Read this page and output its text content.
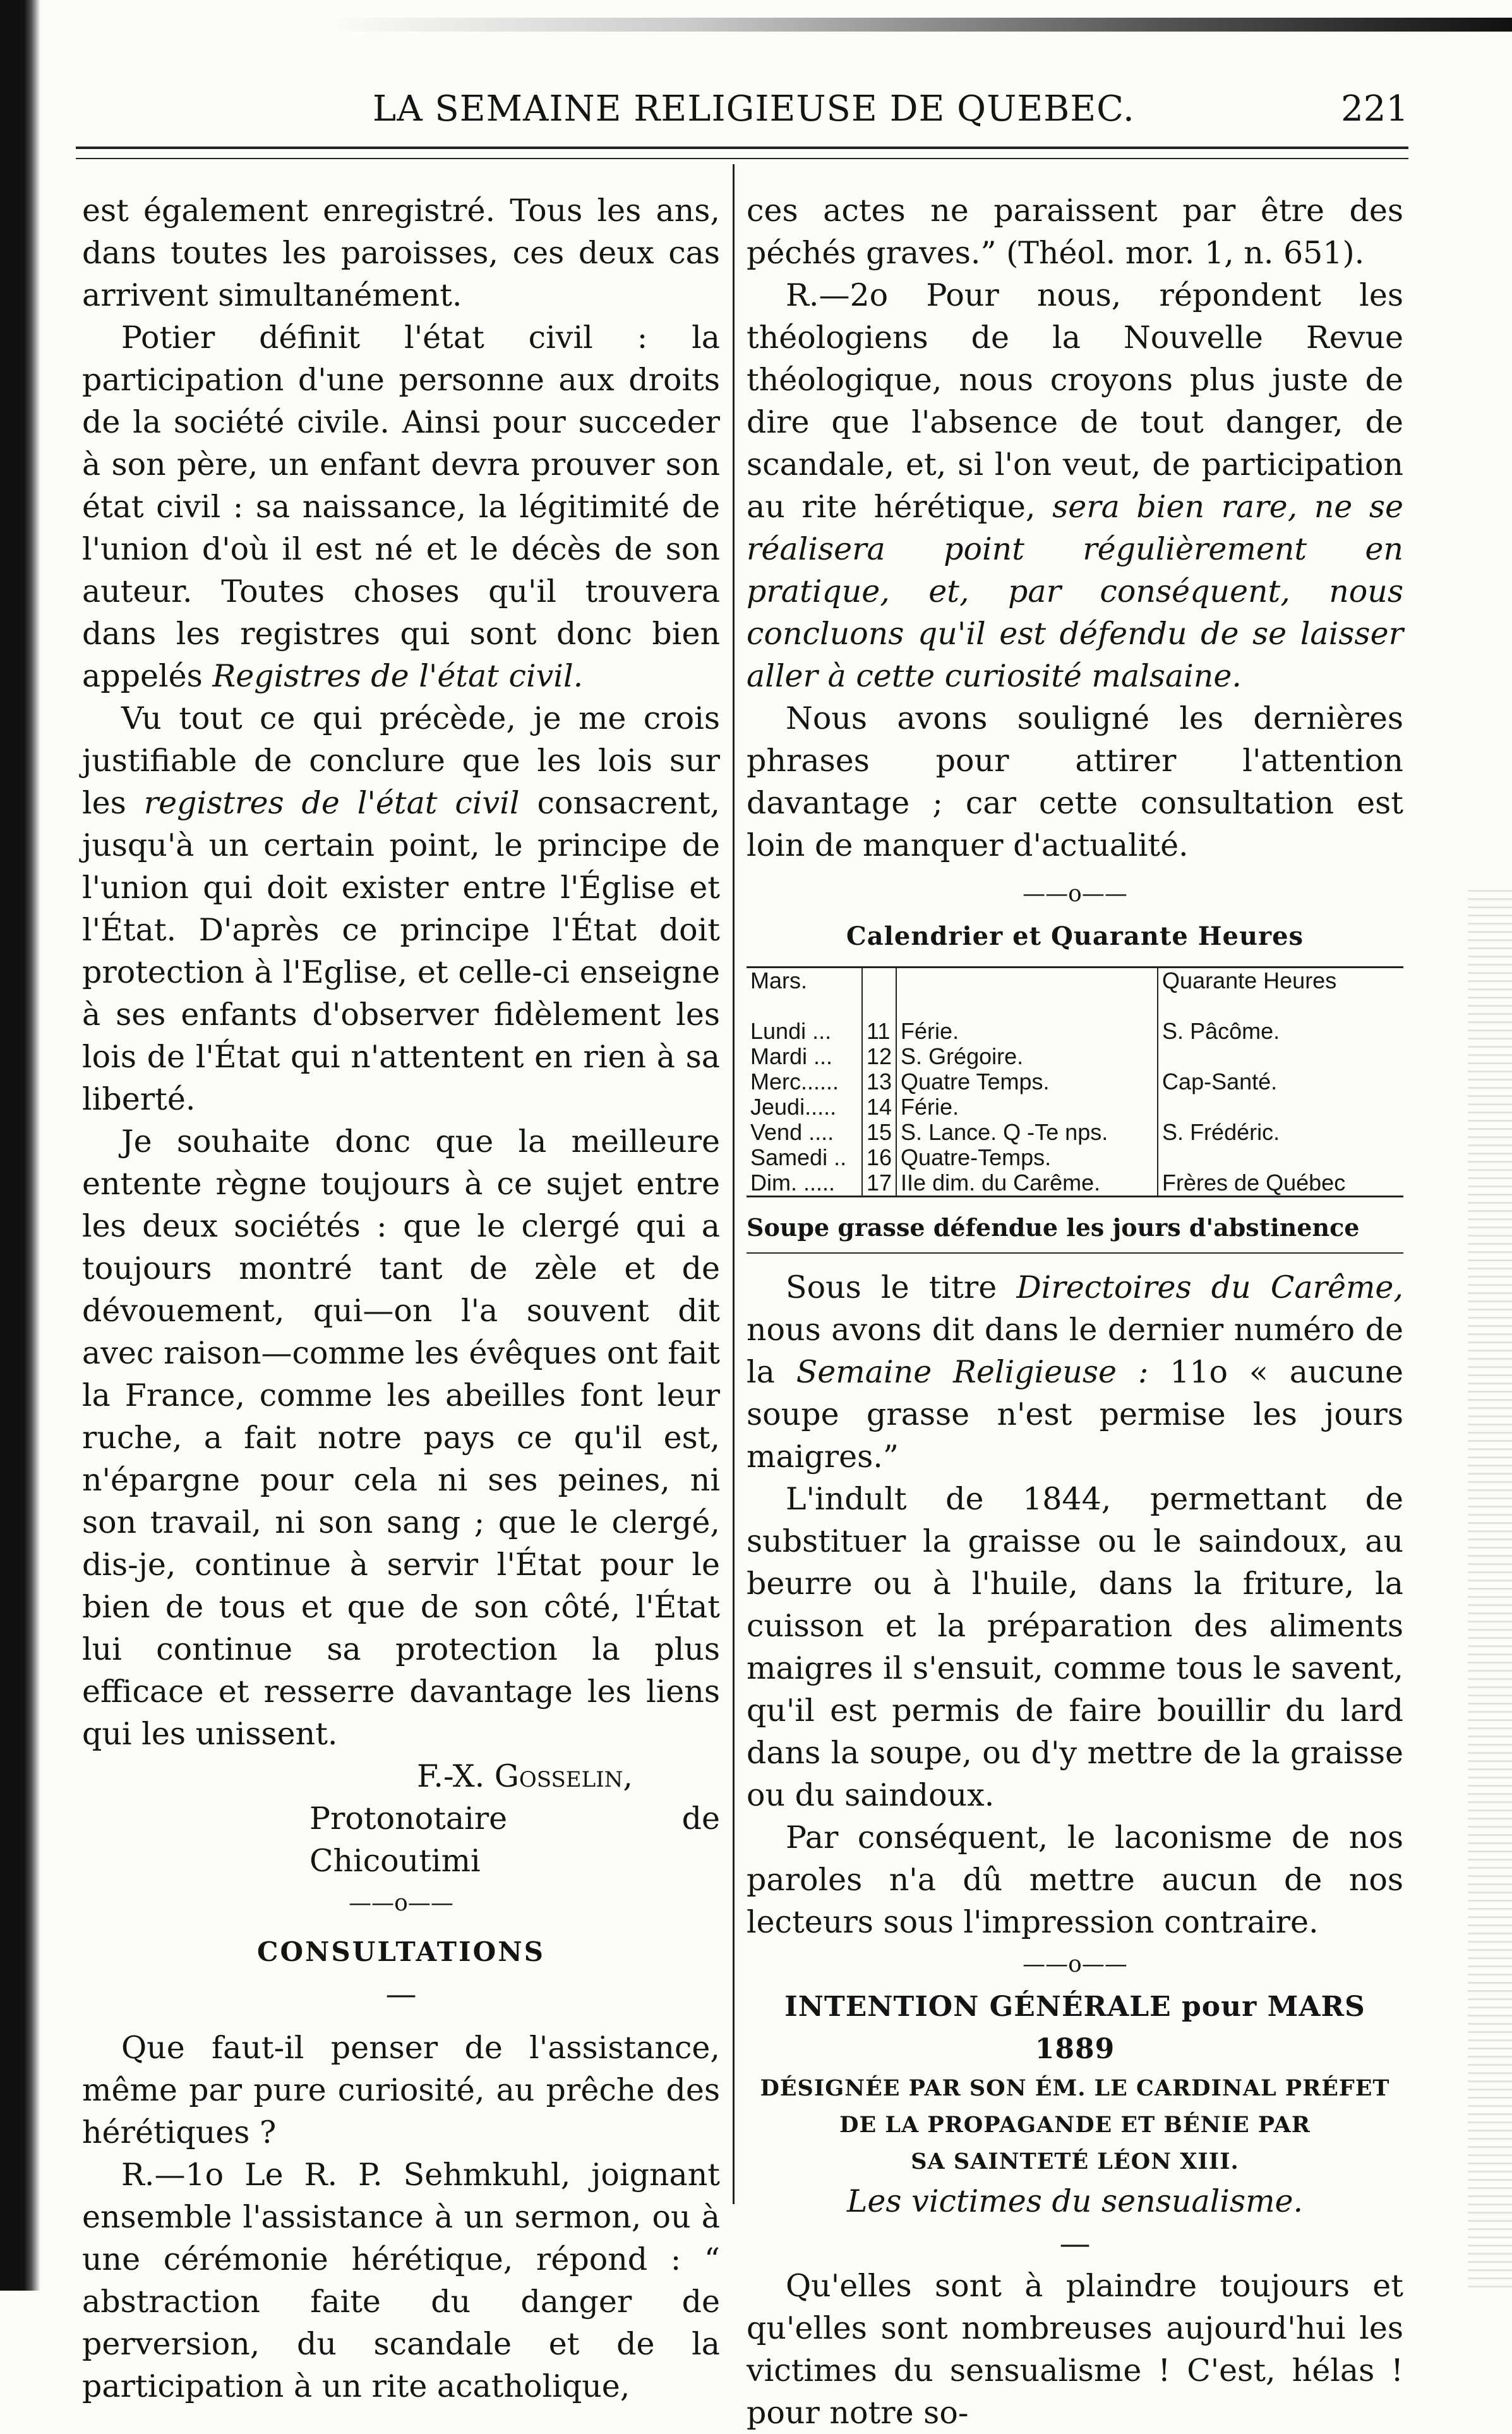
LA SEMAINE RELIGIEUSE DE QUEBEC.	221

est également enregistré. Tous les ans, dans toutes les paroisses, ces deux cas arrivent simultanément.

Potier définit l'état civil : la participation d'une personne aux droits de la société civile. Ainsi pour succeder à son père, un enfant devra prouver son état civil : sa naissance, la légitimité de l'union d'où il est né et le décès de son auteur. Toutes choses qu'il trouvera dans les registres qui sont donc bien appelés Registres de l'état civil.

Vu tout ce qui précède, je me crois justifiable de conclure que les lois sur les registres de l'état civil consacrent, jusqu'à un certain point, le principe de l'union qui doit exister entre l'Église et l'État. D'après ce principe l'État doit protection à l'Eglise, et celle-ci enseigne à ses enfants d'observer fidèlement les lois de l'État qui n'attentent en rien à sa liberté.

Je souhaite donc que la meilleure entente règne toujours à ce sujet entre les deux sociétés : que le clergé qui a toujours montré tant de zèle et de dévouement, qui—on l'a souvent dit avec raison—comme les évêques ont fait la France, comme les abeilles font leur ruche, a fait notre pays ce qu'il est, n'épargne pour cela ni ses peines, ni son travail, ni son sang ; que le clergé, dis-je, continue à servir l'État pour le bien de tous et que de son côté, l'État lui continue sa protection la plus efficace et resserre davantage les liens qui les unissent.

F.-X. Gosselin,

Protonotaire de Chicoutimi

——o——

CONSULTATIONS

—

Que faut-il penser de l'assistance, même par pure curiosité, au prêche des hérétiques ?

R.—1o Le R. P. Sehmkuhl, joignant ensemble l'assistance à un sermon, ou à une cérémonie hérétique, répond : “ abstraction faite du danger de perversion, du scandale et de la participation à un rite acatholique,

ces actes ne paraissent par être des péchés graves.” (Théol. mor. 1, n. 651).

R.—2o Pour nous, répondent les théologiens de la Nouvelle Revue théologique, nous croyons plus juste de dire que l'absence de tout danger, de scandale, et, si l'on veut, de participation au rite hérétique, sera bien rare, ne se réalisera point régulièrement en pratique, et, par conséquent, nous concluons qu'il est défendu de se laisser aller à cette curiosité malsaine.

Nous avons souligné les dernières phrases pour attirer l'attention davantage ; car cette consultation est loin de manquer d'actualité.

——o——

Calendrier et Quarante Heures

Mars.			Quarante Heures

Lundi ...	11	Férie.	S. Pâcôme.
Mardi ...	12	S. Grégoire.	
Merc......	13	Quatre Temps.	Cap-Santé.
Jeudi.....	14	Férie.	
Vend ....	15	S. Lance. Q -Te nps.	S. Frédéric.
Samedi ..	16	Quatre-Temps.	
Dim. .....	17	IIe dim. du Carême.	Frères de Québec

Soupe grasse défendue les jours d'abstinence

Sous le titre Directoires du Carême, nous avons dit dans le dernier numéro de la Semaine Religieuse : 11o « aucune soupe grasse n'est permise les jours maigres.”

L'indult de 1844, permettant de substituer la graisse ou le saindoux, au beurre ou à l'huile, dans la friture, la cuisson et la préparation des aliments maigres il s'ensuit, comme tous le savent, qu'il est permis de faire bouillir du lard dans la soupe, ou d'y mettre de la graisse ou du saindoux.

Par conséquent, le laconisme de nos paroles n'a dû mettre aucun de nos lecteurs sous l'impression contraire.

——o——

INTENTION GÉNÉRALE pour MARS 1889

DÉSIGNÉE PAR SON ÉM. LE CARDINAL PRÉFET

DE LA PROPAGANDE ET BÉNIE PAR

SA SAINTETÉ LÉON XIII.

Les victimes du sensualisme.

—

Qu'elles sont à plaindre toujours et qu'elles sont nombreuses aujourd'hui les victimes du sensualisme ! C'est, hélas ! pour notre so-
